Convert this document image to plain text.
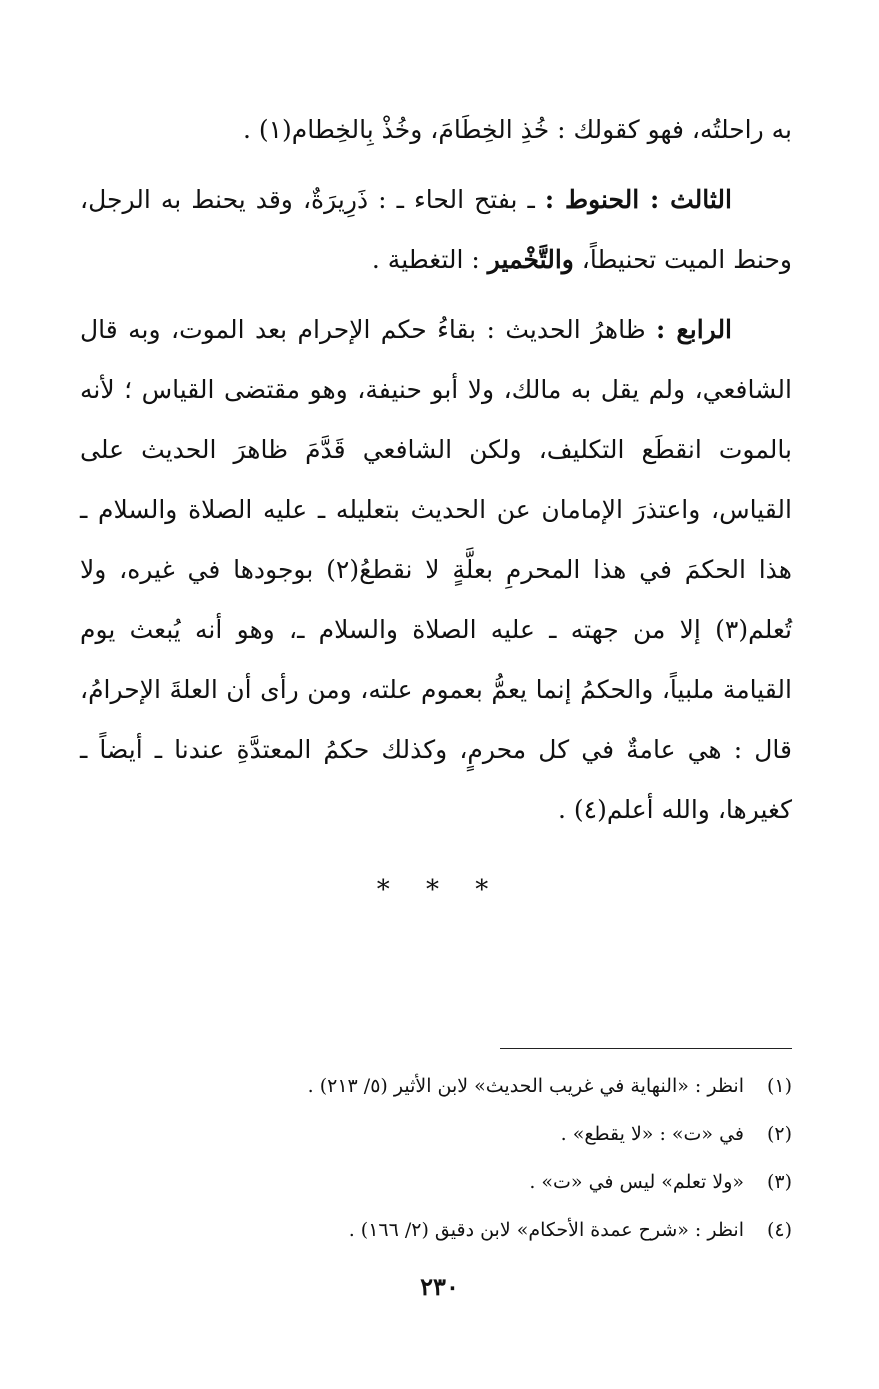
به راحلتُه، فهو كقولك : خُذِ الخِطَامَ، وخُذْ بِالخِطام(١) .

الثالث : الحنوط : ـ بفتح الحاء ـ : ذَرِيرَةٌ، وقد يحنط به الرجل، وحنط الميت تحنيطاً، والتَّخْمير : التغطية .

الرابع : ظاهرُ الحديث : بقاءُ حكم الإحرام بعد الموت، وبه قال الشافعي، ولم يقل به مالك، ولا أبو حنيفة، وهو مقتضى القياس ؛ لأنه بالموت انقطَع التكليف، ولكن الشافعي قَدَّمَ ظاهرَ الحديث على القياس، واعتذرَ الإمامان عن الحديث بتعليله ـ عليه الصلاة والسلام ـ هذا الحكمَ في هذا المحرمِ بعلَّةٍ لا نقطعُ(٢) بوجودها في غيره، ولا تُعلم(٣) إلا من جهته ـ عليه الصلاة والسلام ـ، وهو أنه يُبعث يوم القيامة ملبياً، والحكمُ إنما يعمُّ بعموم علته، ومن رأى أن العلةَ الإحرامُ، قال : هي عامةٌ في كل محرمٍ، وكذلك حكمُ المعتدَّةِ عندنا ـ أيضاً ـ كغيرها، والله أعلم(٤) .

* * *
(١)
انظر : «النهاية في غريب الحديث» لابن الأثير (٥/ ٢١٣) .
(٢)
في «ت» : «لا يقطع» .
(٣)
«ولا تعلم» ليس في «ت» .
(٤)
انظر : «شرح عمدة الأحكام» لابن دقيق (٢/ ١٦٦) .
٢٣٠
